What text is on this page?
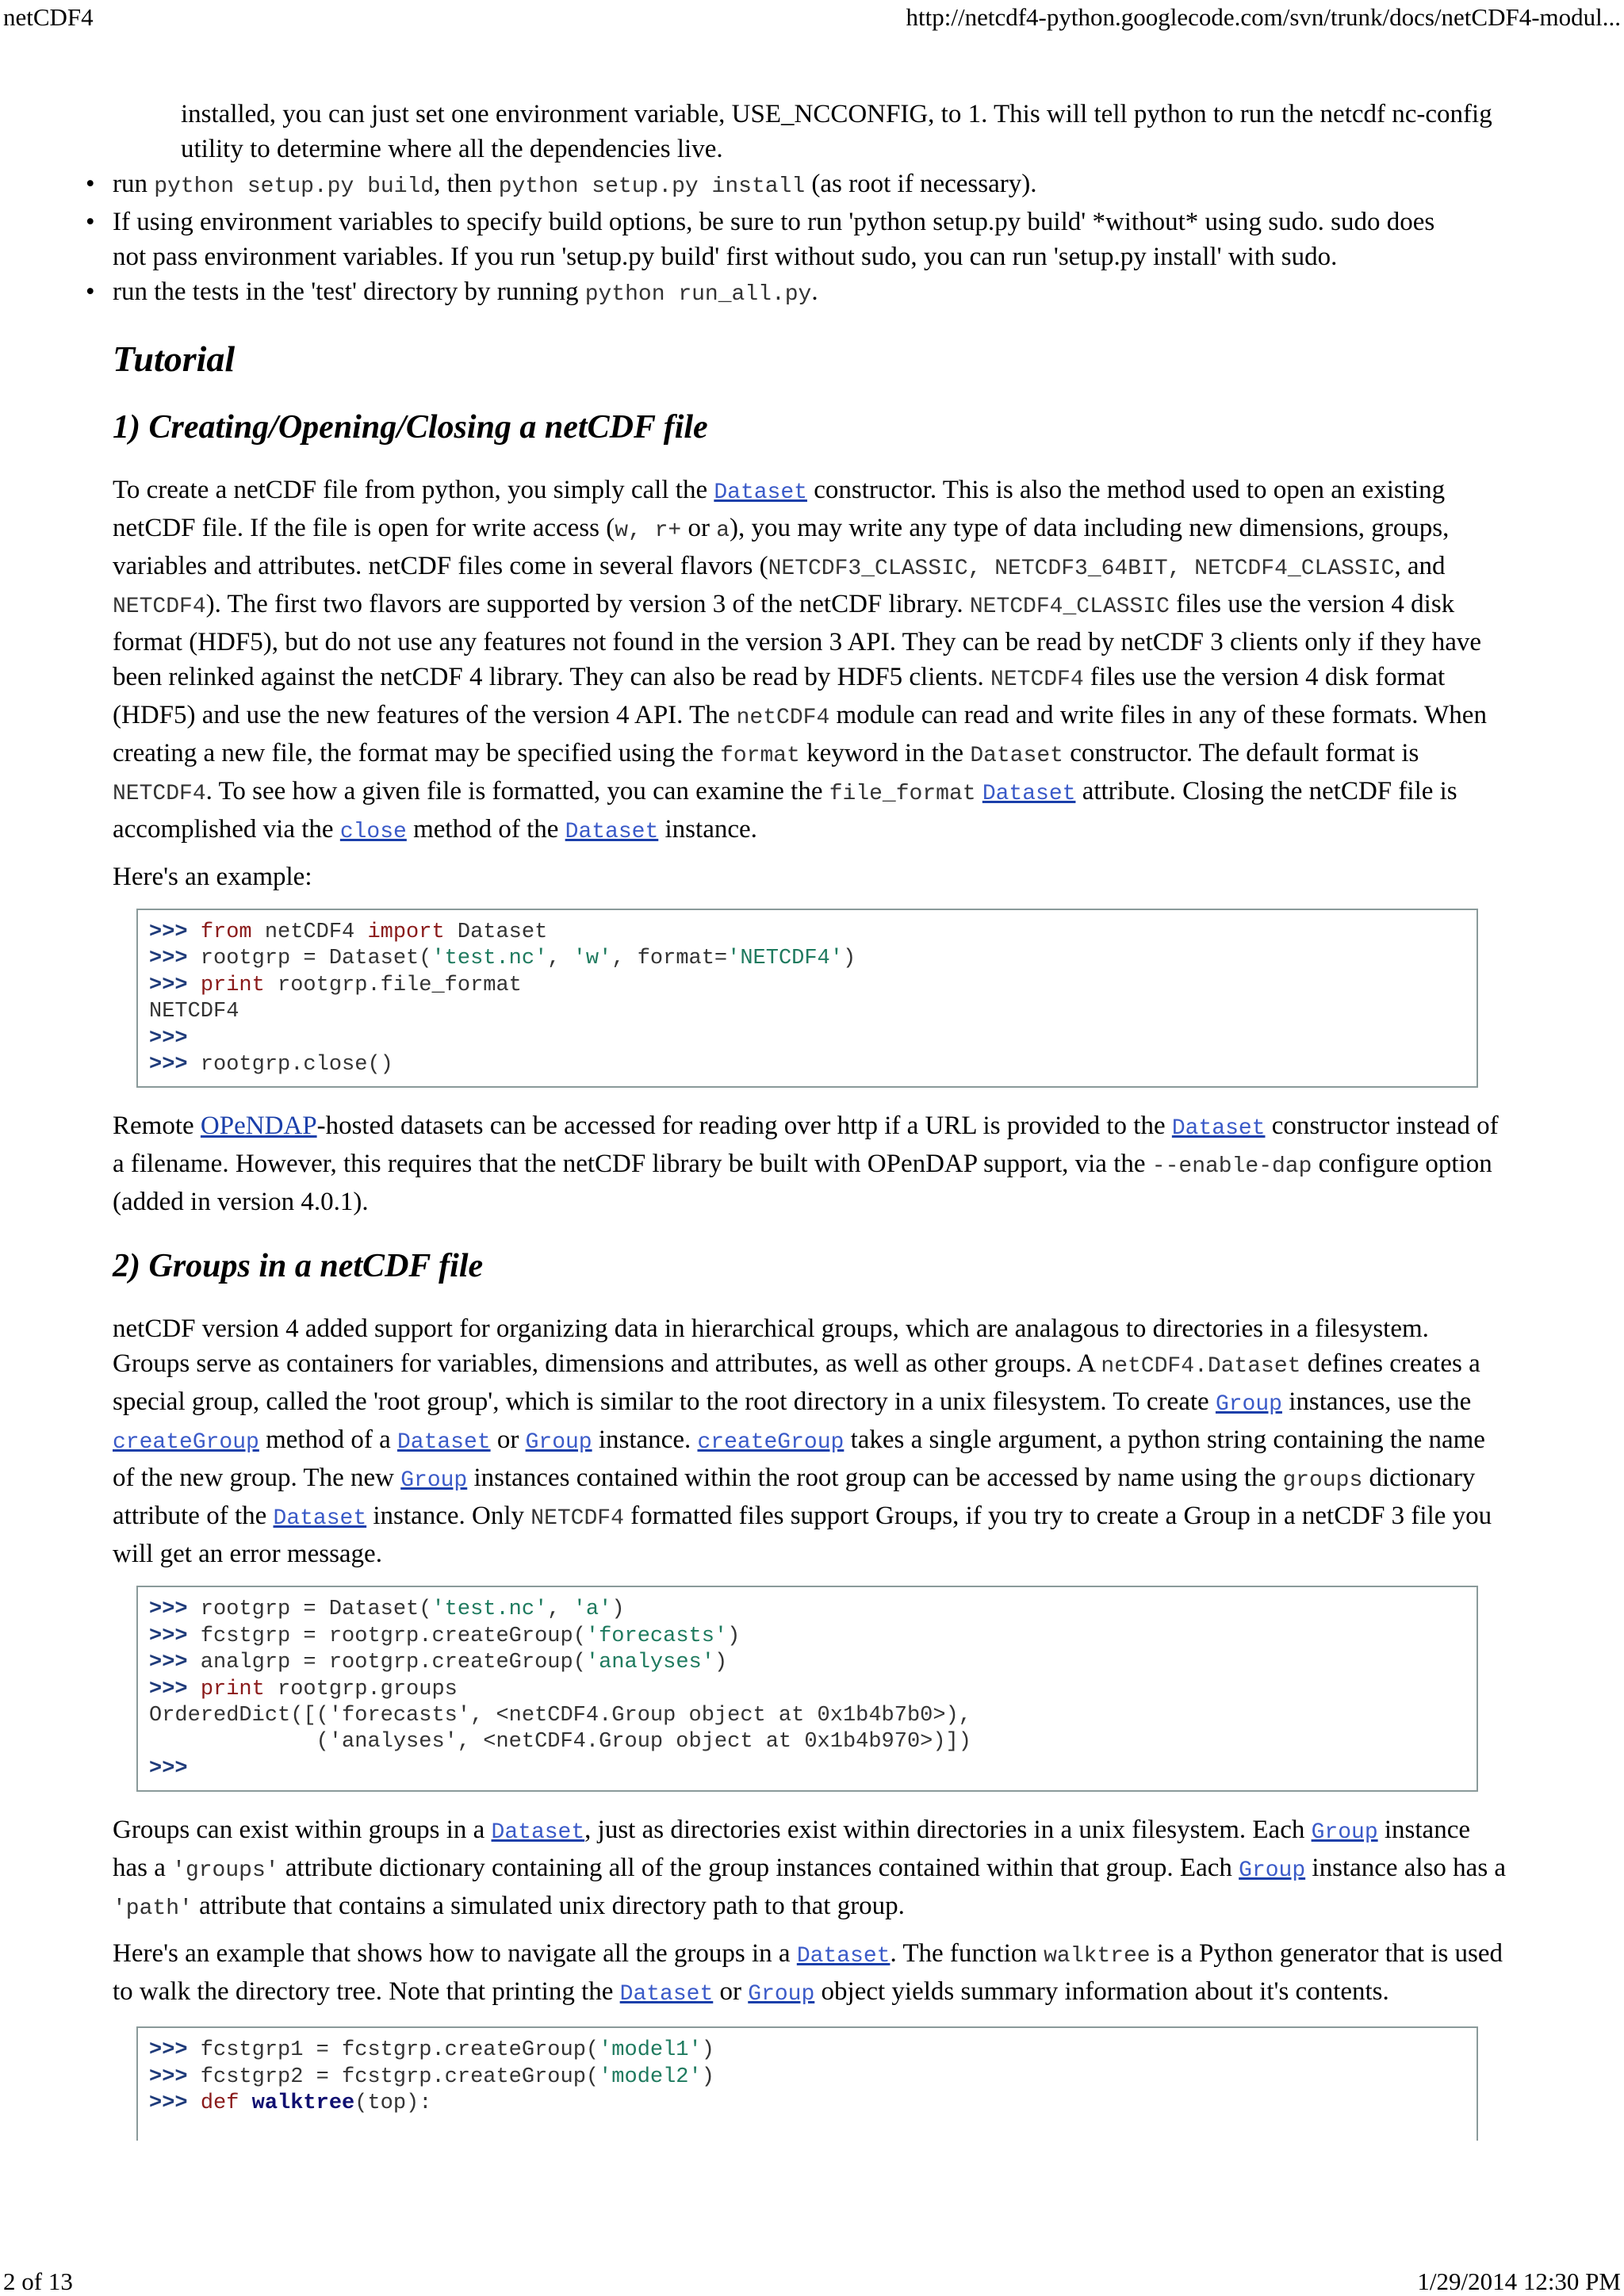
netCDF4	http://netcdf4-python.googlecode.com/svn/trunk/docs/netCDF4-modul...

installed, you can just set one environment variable, USE_NCCONFIG, to 1. This will tell python to run the netcdf nc-config utility to determine where all the dependencies live.

• run python setup.py build, then python setup.py install (as root if necessary).
• If using environment variables to specify build options, be sure to run 'python setup.py build' *without* using sudo. sudo does not pass environment variables. If you run 'setup.py build' first without sudo, you can run 'setup.py install' with sudo.
• run the tests in the 'test' directory by running python run_all.py.
Tutorial
1) Creating/Opening/Closing a netCDF file

To create a netCDF file from python, you simply call the Dataset constructor. This is also the method used to open an existing netCDF file. If the file is open for write access (w, r+ or a), you may write any type of data including new dimensions, groups, variables and attributes. netCDF files come in several flavors (NETCDF3_CLASSIC, NETCDF3_64BIT, NETCDF4_CLASSIC, and NETCDF4). The first two flavors are supported by version 3 of the netCDF library. NETCDF4_CLASSIC files use the version 4 disk format (HDF5), but do not use any features not found in the version 3 API. They can be read by netCDF 3 clients only if they have been relinked against the netCDF 4 library. They can also be read by HDF5 clients. NETCDF4 files use the version 4 disk format (HDF5) and use the new features of the version 4 API. The netCDF4 module can read and write files in any of these formats. When creating a new file, the format may be specified using the format keyword in the Dataset constructor. The default format is NETCDF4. To see how a given file is formatted, you can examine the file_format Dataset attribute. Closing the netCDF file is accomplished via the close method of the Dataset instance.

Here's an example:

>>> from netCDF4 import Dataset
>>> rootgrp = Dataset('test.nc', 'w', format='NETCDF4')
>>> print rootgrp.file_format
NETCDF4
>>>
>>> rootgrp.close()

Remote OPeNDAP-hosted datasets can be accessed for reading over http if a URL is provided to the Dataset constructor instead of a filename. However, this requires that the netCDF library be built with OPenDAP support, via the --enable-dap configure option (added in version 4.0.1).

2) Groups in a netCDF file

netCDF version 4 added support for organizing data in hierarchical groups, which are analagous to directories in a filesystem. Groups serve as containers for variables, dimensions and attributes, as well as other groups. A netCDF4.Dataset defines creates a special group, called the 'root group', which is similar to the root directory in a unix filesystem. To create Group instances, use the createGroup method of a Dataset or Group instance. createGroup takes a single argument, a python string containing the name of the new group. The new Group instances contained within the root group can be accessed by name using the groups dictionary attribute of the Dataset instance. Only NETCDF4 formatted files support Groups, if you try to create a Group in a netCDF 3 file you will get an error message.

>>> rootgrp = Dataset('test.nc', 'a')
>>> fcstgrp = rootgrp.createGroup('forecasts')
>>> analgrp = rootgrp.createGroup('analyses')
>>> print rootgrp.groups
OrderedDict([('forecasts', <netCDF4.Group object at 0x1b4b7b0>),
('analyses', <netCDF4.Group object at 0x1b4b970>)])
>>>

Groups can exist within groups in a Dataset, just as directories exist within directories in a unix filesystem. Each Group instance has a 'groups' attribute dictionary containing all of the group instances contained within that group. Each Group instance also has a 'path' attribute that contains a simulated unix directory path to that group.

Here's an example that shows how to navigate all the groups in a Dataset. The function walktree is a Python generator that is used to walk the directory tree. Note that printing the Dataset or Group object yields summary information about it's contents.

>>> fcstgrp1 = fcstgrp.createGroup('model1')
>>> fcstgrp2 = fcstgrp.createGroup('model2')
>>> def walktree(top):
2 of 13	1/29/2014 12:30 PM
